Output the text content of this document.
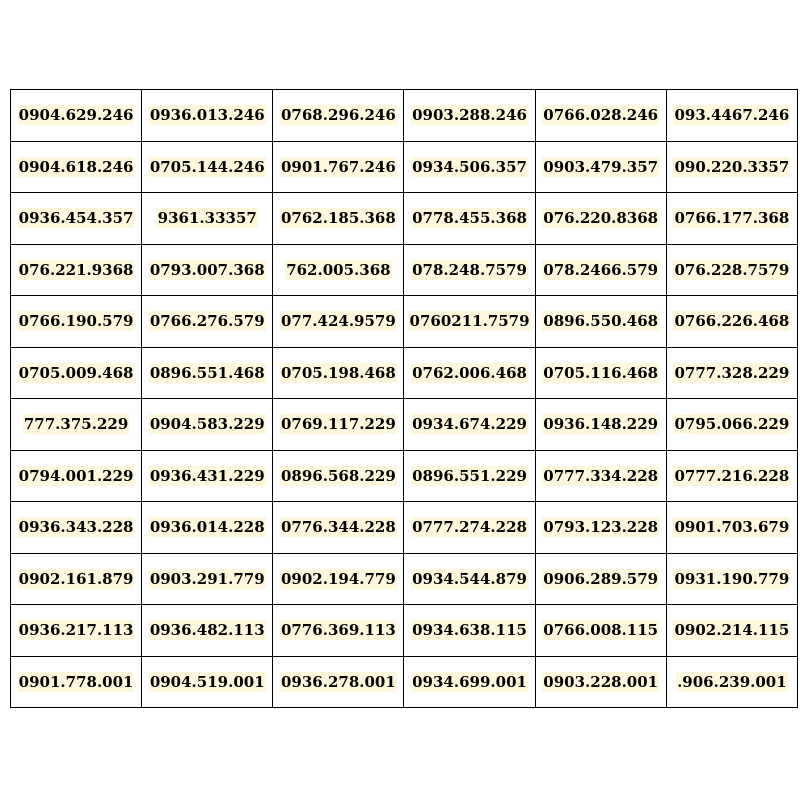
0904.629.246	0936.013.246	0768.296.246	0903.288.246	0766.028.246	093.4467.246
0904.618.246	0705.144.246	0901.767.246	0934.506.357	0903.479.357	090.220.3357
0936.454.357	9361.33357	0762.185.368	0778.455.368	076.220.8368	0766.177.368
076.221.9368	0793.007.368	762.005.368	078.248.7579	078.2466.579	076.228.7579
0766.190.579	0766.276.579	077.424.9579	0760211.7579	0896.550.468	0766.226.468
0705.009.468	0896.551.468	0705.198.468	0762.006.468	0705.116.468	0777.328.229
777.375.229	0904.583.229	0769.117.229	0934.674.229	0936.148.229	0795.066.229
0794.001.229	0936.431.229	0896.568.229	0896.551.229	0777.334.228	0777.216.228
0936.343.228	0936.014.228	0776.344.228	0777.274.228	0793.123.228	0901.703.679
0902.161.879	0903.291.779	0902.194.779	0934.544.879	0906.289.579	0931.190.779
0936.217.113	0936.482.113	0776.369.113	0934.638.115	0766.008.115	0902.214.115
0901.778.001	0904.519.001	0936.278.001	0934.699.001	0903.228.001	.906.239.001
